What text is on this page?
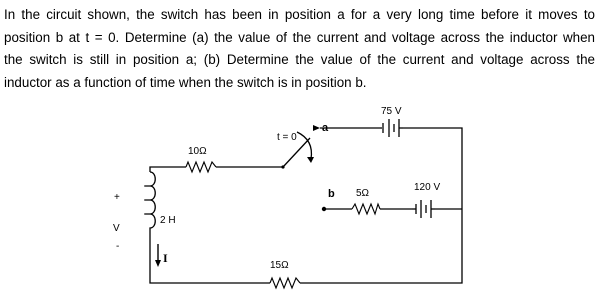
In the circuit shown, the switch has been in position a for a very long time before it moves to
position b at t = 0. Determine (a) the value of the current and voltage across the inductor when
the switch is still in position a; (b) Determine the value of the current and voltage across the
inductor as a function of time when the switch is in position b.
10Ω
5Ω
15Ω
2 H
75 V
120 V
t = 0
a
b
+
V
-
I
